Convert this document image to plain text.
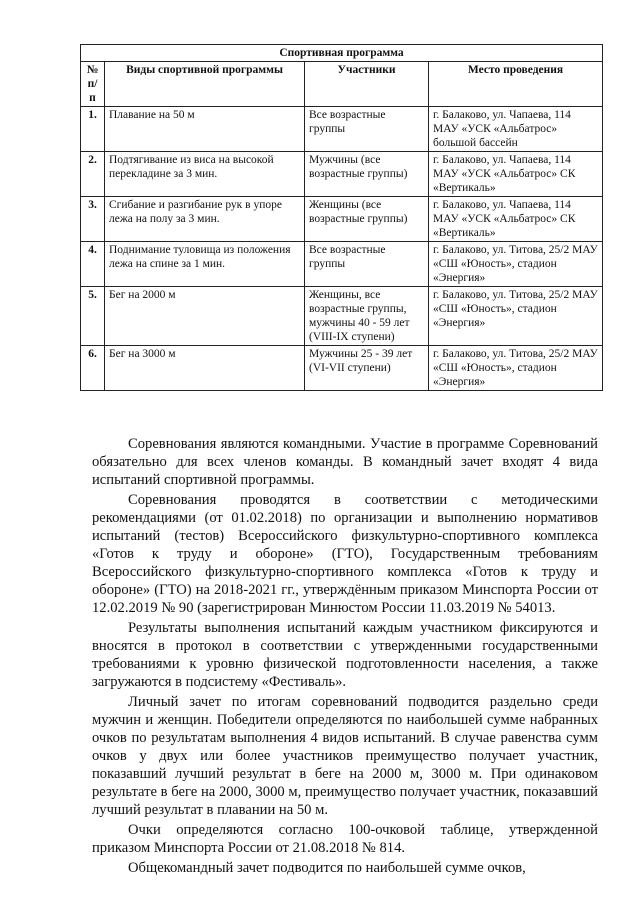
Спортивная программа			
№ п/п	Виды спортивной программы	Участники	Место проведения
1.	Плавание на 50 м	Все возрастные группы	г. Балаково, ул. Чапаева, 114 МАУ «УСК «Альбатрос» большой бассейн
2.	Подтягивание из виса на высокой перекладине за 3 мин.	Мужчины (все возрастные группы)	г. Балаково, ул. Чапаева, 114 МАУ «УСК «Альбатрос» СК «Вертикаль»
3.	Сгибание и разгибание рук в упоре лежа на полу за 3 мин.	Женщины (все возрастные группы)	г. Балаково, ул. Чапаева, 114 МАУ «УСК «Альбатрос» СК «Вертикаль»
4.	Поднимание туловища из положения лежа на спине за 1 мин.	Все возрастные группы	г. Балаково, ул. Титова, 25/2 МАУ «СШ «Юность», стадион «Энергия»
5.	Бег на 2000 м	Женщины, все возрастные группы, мужчины 40 - 59 лет (VIII-IX ступени)	г. Балаково, ул. Титова, 25/2 МАУ «СШ «Юность», стадион «Энергия»
6.	Бег на 3000 м	Мужчины 25 - 39 лет (VI-VII ступени)	г. Балаково, ул. Титова, 25/2 МАУ «СШ «Юность», стадион «Энергия»

Соревнования являются командными. Участие в программе Соревнований обязательно для всех членов команды. В командный зачет входят 4 вида испытаний спортивной программы.

Соревнования проводятся в соответствии с методическими рекомендациями (от 01.02.2018) по организации и выполнению нормативов испытаний (тестов) Всероссийского физкультурно-спортивного комплекса «Готов к труду и обороне» (ГТО), Государственным требованиям Всероссийского физкультурно-спортивного комплекса «Готов к труду и обороне» (ГТО) на 2018-2021 гг., утверждённым приказом Минспорта России от 12.02.2019 № 90 (зарегистрирован Минюстом России 11.03.2019 № 54013.

Результаты выполнения испытаний каждым участником фиксируются и вносятся в протокол в соответствии с утвержденными государственными требованиями к уровню физической подготовленности населения, а также загружаются в подсистему «Фестиваль».

Личный зачет по итогам соревнований подводится раздельно среди мужчин и женщин. Победители определяются по наибольшей сумме набранных очков по результатам выполнения 4 видов испытаний. В случае равенства сумм очков у двух или более участников преимущество получает участник, показавший лучший результат в беге на 2000 м, 3000 м. При одинаковом результате в беге на 2000, 3000 м, преимущество получает участник, показавший лучший результат в плавании на 50 м.

Очки определяются согласно 100-очковой таблице, утвержденной приказом Минспорта России от 21.08.2018 № 814.

Общекомандный зачет подводится по наибольшей сумме очков,
